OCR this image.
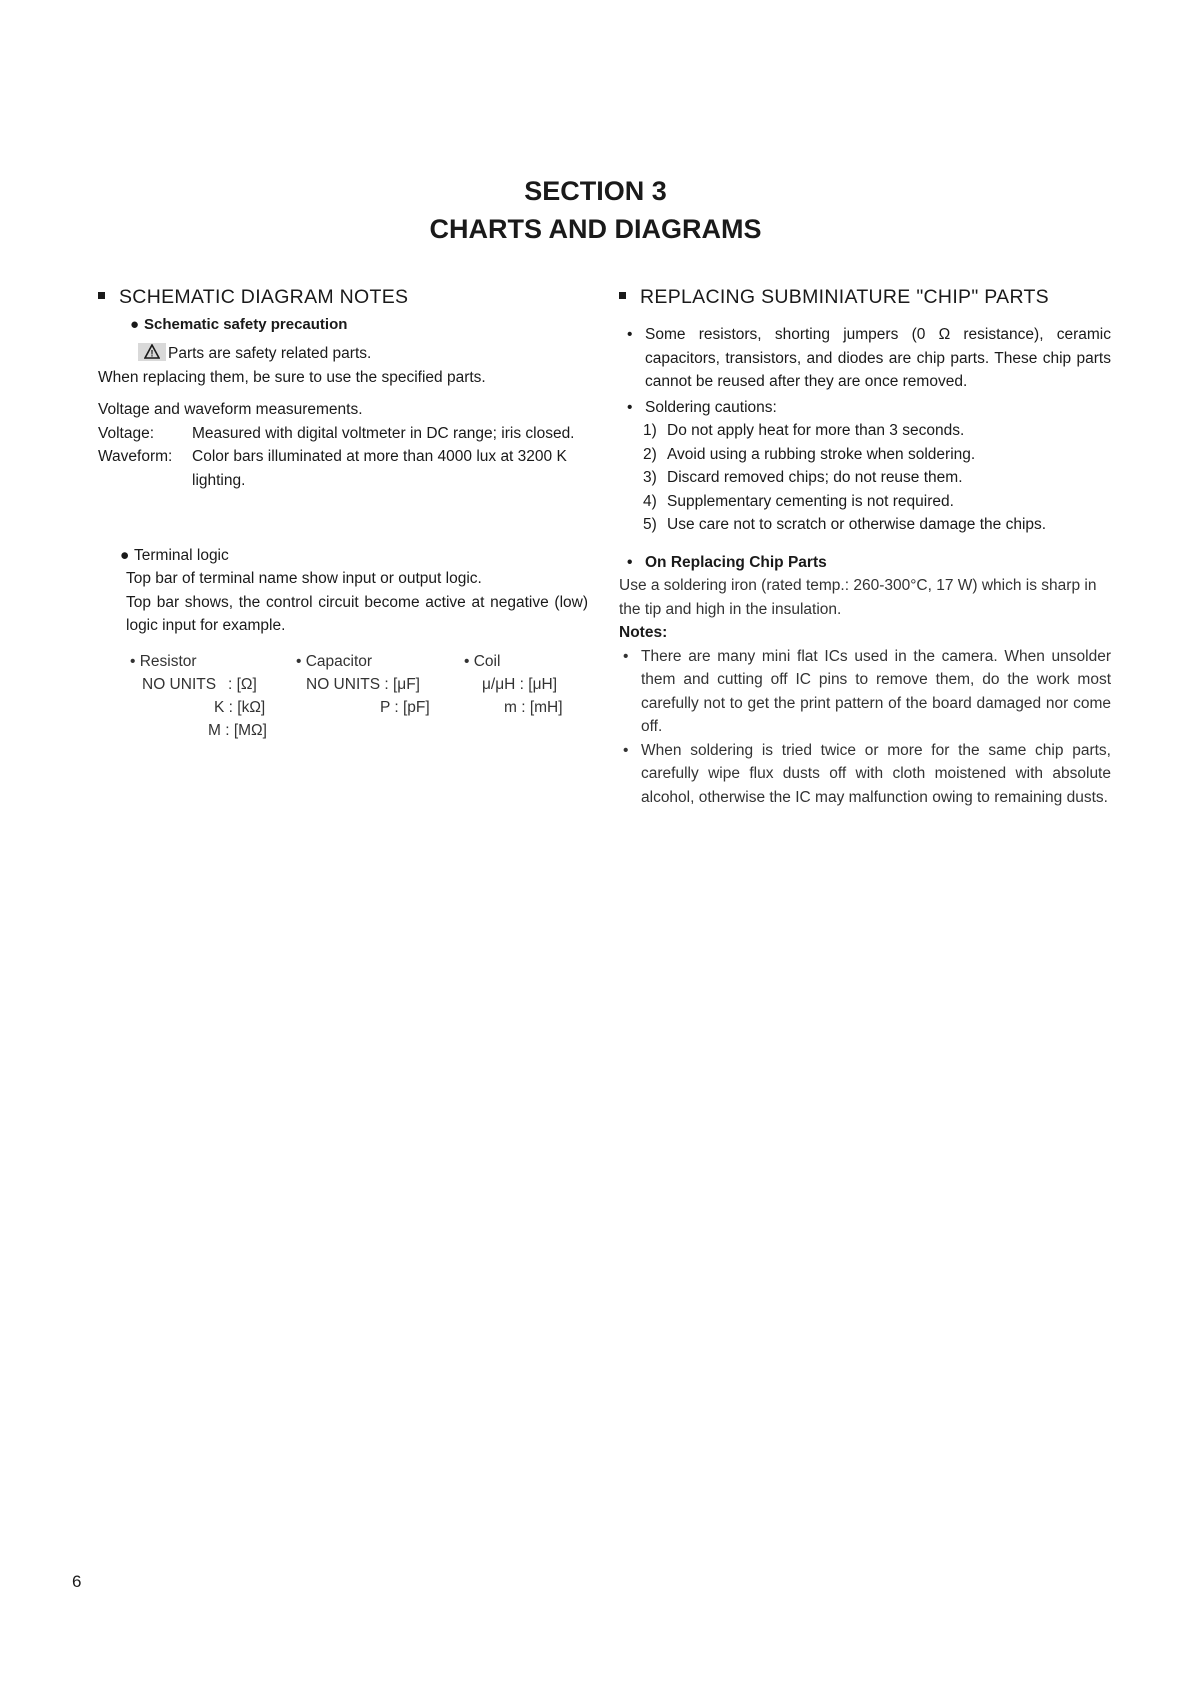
SECTION 3
CHARTS AND DIAGRAMS
SCHEMATIC DIAGRAM NOTES
● Schematic safety precaution
! Parts are safety related parts.
When replacing them, be sure to use the specified parts.
Voltage and waveform measurements.
Voltage:	Measured with digital voltmeter in DC range; iris closed.
Waveform:	Color bars illuminated at more than 4000 lux at 3200 K lighting.
● Terminal logic
Top bar of terminal name show input or output logic.
Top bar shows, the control circuit become active at negative (low) logic input for example.
• Resistor
NO UNITS : [Ω]
K : [kΩ]
M : [MΩ]
• Capacitor
NO UNITS : [μF]
P : [pF]
• Coil
μ/μH : [μH]
m : [mH]
REPLACING SUBMINIATURE "CHIP" PARTS
• Some resistors, shorting jumpers (0 Ω resistance), ceramic capacitors, transistors, and diodes are chip parts. These chip parts cannot be reused after they are once removed.
• Soldering cautions:
1) Do not apply heat for more than 3 seconds.
2) Avoid using a rubbing stroke when soldering.
3) Discard removed chips; do not reuse them.
4) Supplementary cementing is not required.
5) Use care not to scratch or otherwise damage the chips.
• On Replacing Chip Parts
Use a soldering iron (rated temp.: 260-300°C, 17 W) which is sharp in the tip and high in the insulation.
Notes:
• There are many mini flat ICs used in the camera. When unsolder them and cutting off IC pins to remove them, do the work most carefully not to get the print pattern of the board damaged nor come off.
• When soldering is tried twice or more for the same chip parts, carefully wipe flux dusts off with cloth moistened with absolute alcohol, otherwise the IC may malfunction owing to remaining dusts.
6
